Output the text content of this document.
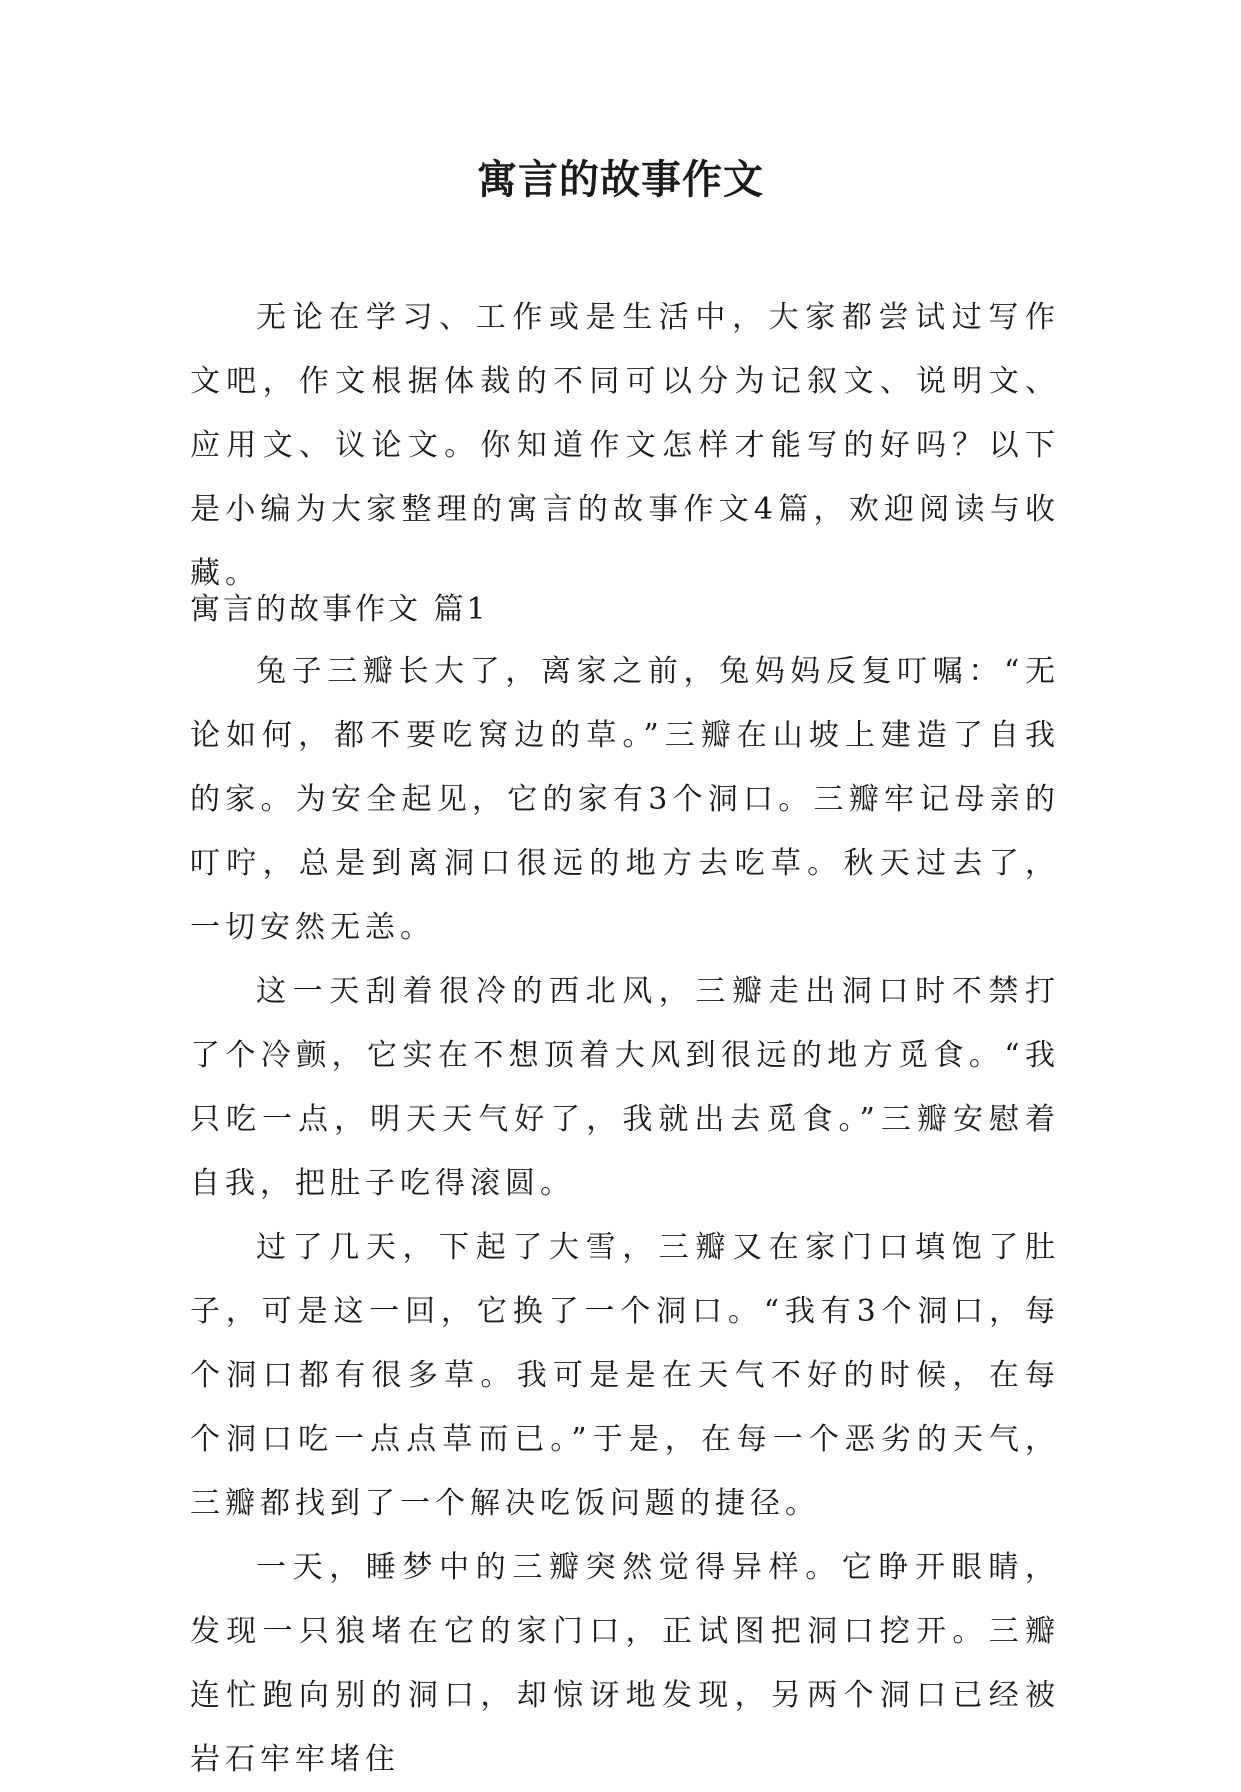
寓言的故事作文

无论在学习、工作或是生活中，大家都尝试过写作文吧，作文根据体裁的不同可以分为记叙文、说明文、应用文、议论文。你知道作文怎样才能写的好吗？以下是小编为大家整理的寓言的故事作文4篇，欢迎阅读与收藏。

寓言的故事作文 篇1

兔子三瓣长大了，离家之前，兔妈妈反复叮嘱：“无论如何，都不要吃窝边的草。”三瓣在山坡上建造了自我的家。为安全起见，它的家有3个洞口。三瓣牢记母亲的叮咛，总是到离洞口很远的地方去吃草。秋天过去了，一切安然无恙。

这一天刮着很冷的西北风，三瓣走出洞口时不禁打了个冷颤，它实在不想顶着大风到很远的地方觅食。“我只吃一点，明天天气好了，我就出去觅食。”三瓣安慰着自我，把肚子吃得滚圆。

过了几天，下起了大雪，三瓣又在家门口填饱了肚子，可是这一回，它换了一个洞口。“我有3个洞口，每个洞口都有很多草。我可是是在天气不好的时候，在每个洞口吃一点点草而已。”于是，在每一个恶劣的天气，三瓣都找到了一个解决吃饭问题的捷径。

一天，睡梦中的三瓣突然觉得异样。它睁开眼睛，发现一只狼堵在它的家门口，正试图把洞口挖开。三瓣连忙跑向别的洞口，却惊讶地发现，另两个洞口已经被岩石牢牢堵住
